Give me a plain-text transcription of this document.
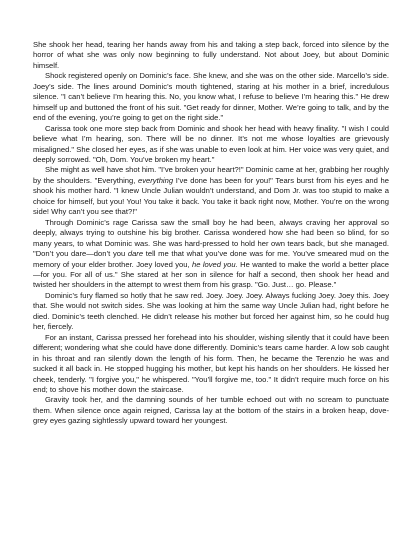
She shook her head, tearing her hands away from his and taking a step back, forced into silence by the horror of what she was only now beginning to fully understand. Not about Joey, but about Dominic himself.

Shock registered openly on Dominic’s face. She knew, and she was on the other side. Marcello’s side. Joey’s side. The lines around Dominic’s mouth tightened, staring at his mother in a brief, incredulous silence. "I can’t believe I’m hearing this. No, you know what, I refuse to believe I’m hearing this." He drew himself up and buttoned the front of his suit. "Get ready for dinner, Mother. We’re going to talk, and by the end of the evening, you’re going to get on the right side."

Carissa took one more step back from Dominic and shook her head with heavy finality. "I wish I could believe what I’m hearing, son. There will be no dinner. It’s not me whose loyalties are grievously misaligned." She closed her eyes, as if she was unable to even look at him. Her voice was very quiet, and deeply sorrowed. "Oh, Dom. You’ve broken my heart."

She might as well have shot him. "I’ve broken your heart?!" Dominic came at her, grabbing her roughly by the shoulders. "Everything, everything I’ve done has been for you!" Tears burst from his eyes and he shook his mother hard. "I knew Uncle Julian wouldn’t understand, and Dom Jr. was too stupid to make a choice for himself, but you! You! You take it back. You take it back right now, Mother. You’re on the wrong side! Why can’t you see that?!"

Through Dominic’s rage Carissa saw the small boy he had been, always craving her approval so deeply, always trying to outshine his big brother. Carissa wondered how she had been so blind, for so many years, to what Dominic was. She was hard-pressed to hold her own tears back, but she managed. "Don’t you dare—don’t you dare tell me that what you’ve done was for me. You’ve smeared mud on the memory of your elder brother. Joey loved you, he loved you. He wanted to make the world a better place—for you. For all of us." She stared at her son in silence for half a second, then shook her head and twisted her shoulders in the attempt to wrest them from his grasp. "Go. Just… go. Please."

Dominic’s fury flamed so hotly that he saw red. Joey. Joey. Joey. Always fucking Joey. Joey this. Joey that. She would not switch sides. She was looking at him the same way Uncle Julian had, right before he died. Dominic’s teeth clenched. He didn’t release his mother but forced her against him, so he could hug her, fiercely.

For an instant, Carissa pressed her forehead into his shoulder, wishing silently that it could have been different; wondering what she could have done differently. Dominic’s tears came harder. A low sob caught in his throat and ran silently down the length of his form. Then, he became the Terenzio he was and sucked it all back in. He stopped hugging his mother, but kept his hands on her shoulders. He kissed her cheek, tenderly. "I forgive you," he whispered. "You’ll forgive me, too." It didn’t require much force on his end; to shove his mother down the staircase.

Gravity took her, and the damning sounds of her tumble echoed out with no scream to punctuate them. When silence once again reigned, Carissa lay at the bottom of the stairs in a broken heap, dove-grey eyes gazing sightlessly upward toward her youngest.
